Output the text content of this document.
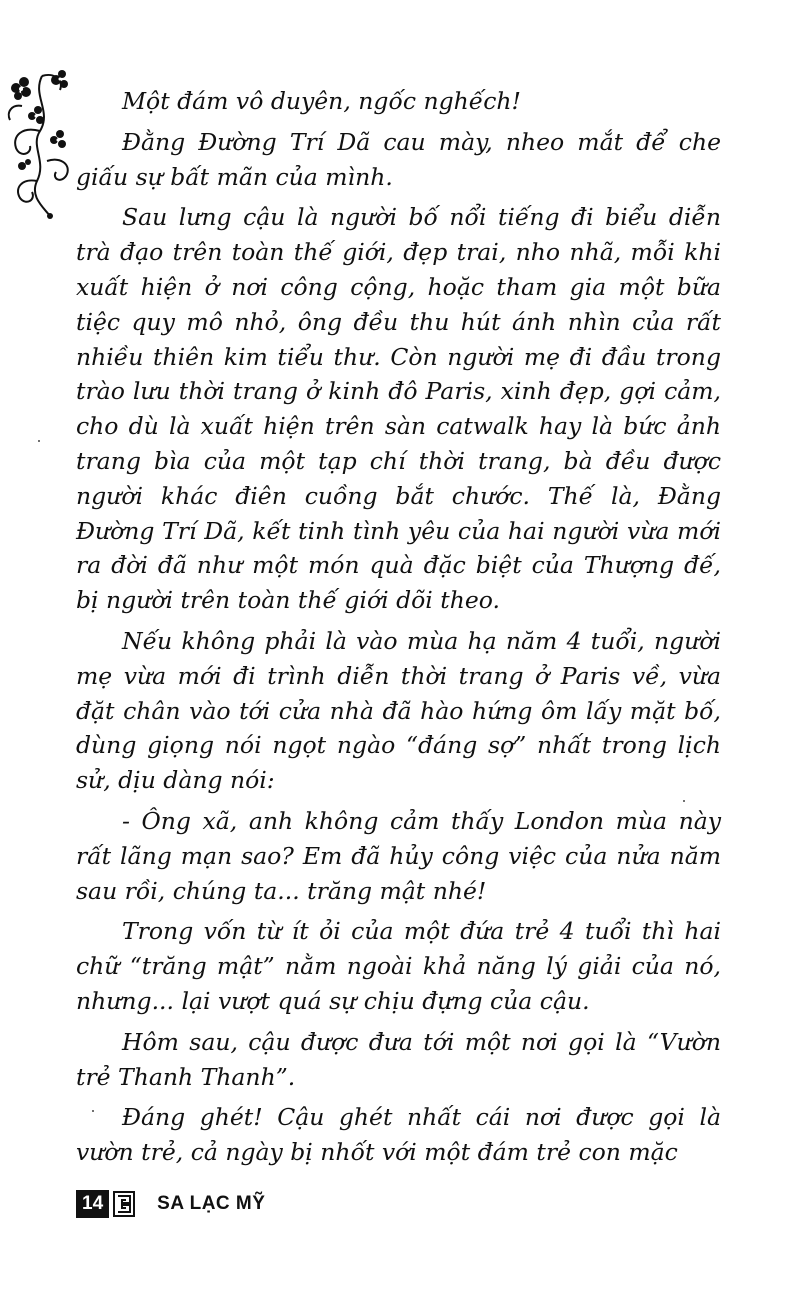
Một đám vô duyên, ngốc nghếch!

Đằng Đường Trí Dã cau mày, nheo mắt để che giấu sự bất mãn của mình.

Sau lưng cậu là người bố nổi tiếng đi biểu diễn trà đạo trên toàn thế giới, đẹp trai, nho nhã, mỗi khi xuất hiện ở nơi công cộng, hoặc tham gia một bữa tiệc quy mô nhỏ, ông đều thu hút ánh nhìn của rất nhiều thiên kim tiểu thư. Còn người mẹ đi đầu trong trào lưu thời trang ở kinh đô Paris, xinh đẹp, gợi cảm, cho dù là xuất hiện trên sàn catwalk hay là bức ảnh trang bìa của một tạp chí thời trang, bà đều được người khác điên cuồng bắt chước. Thế là, Đằng Đường Trí Dã, kết tinh tình yêu của hai người vừa mới ra đời đã như một món quà đặc biệt của Thượng đế, bị người trên toàn thế giới dõi theo.

Nếu không phải là vào mùa hạ năm 4 tuổi, người mẹ vừa mới đi trình diễn thời trang ở Paris về, vừa đặt chân vào tới cửa nhà đã hào hứng ôm lấy mặt bố, dùng giọng nói ngọt ngào “đáng sợ” nhất trong lịch sử, dịu dàng nói:

- Ông xã, anh không cảm thấy London mùa này rất lãng mạn sao? Em đã hủy công việc của nửa năm sau rồi, chúng ta... trăng mật nhé!

Trong vốn từ ít ỏi của một đứa trẻ 4 tuổi thì hai chữ “trăng mật” nằm ngoài khả năng lý giải của nó, nhưng... lại vượt quá sự chịu đựng của cậu.

Hôm sau, cậu được đưa tới một nơi gọi là “Vườn trẻ Thanh Thanh”.

Đáng ghét! Cậu ghét nhất cái nơi được gọi là vườn trẻ, cả ngày bị nhốt với một đám trẻ con mặc

14	SA LẠC MỸ
